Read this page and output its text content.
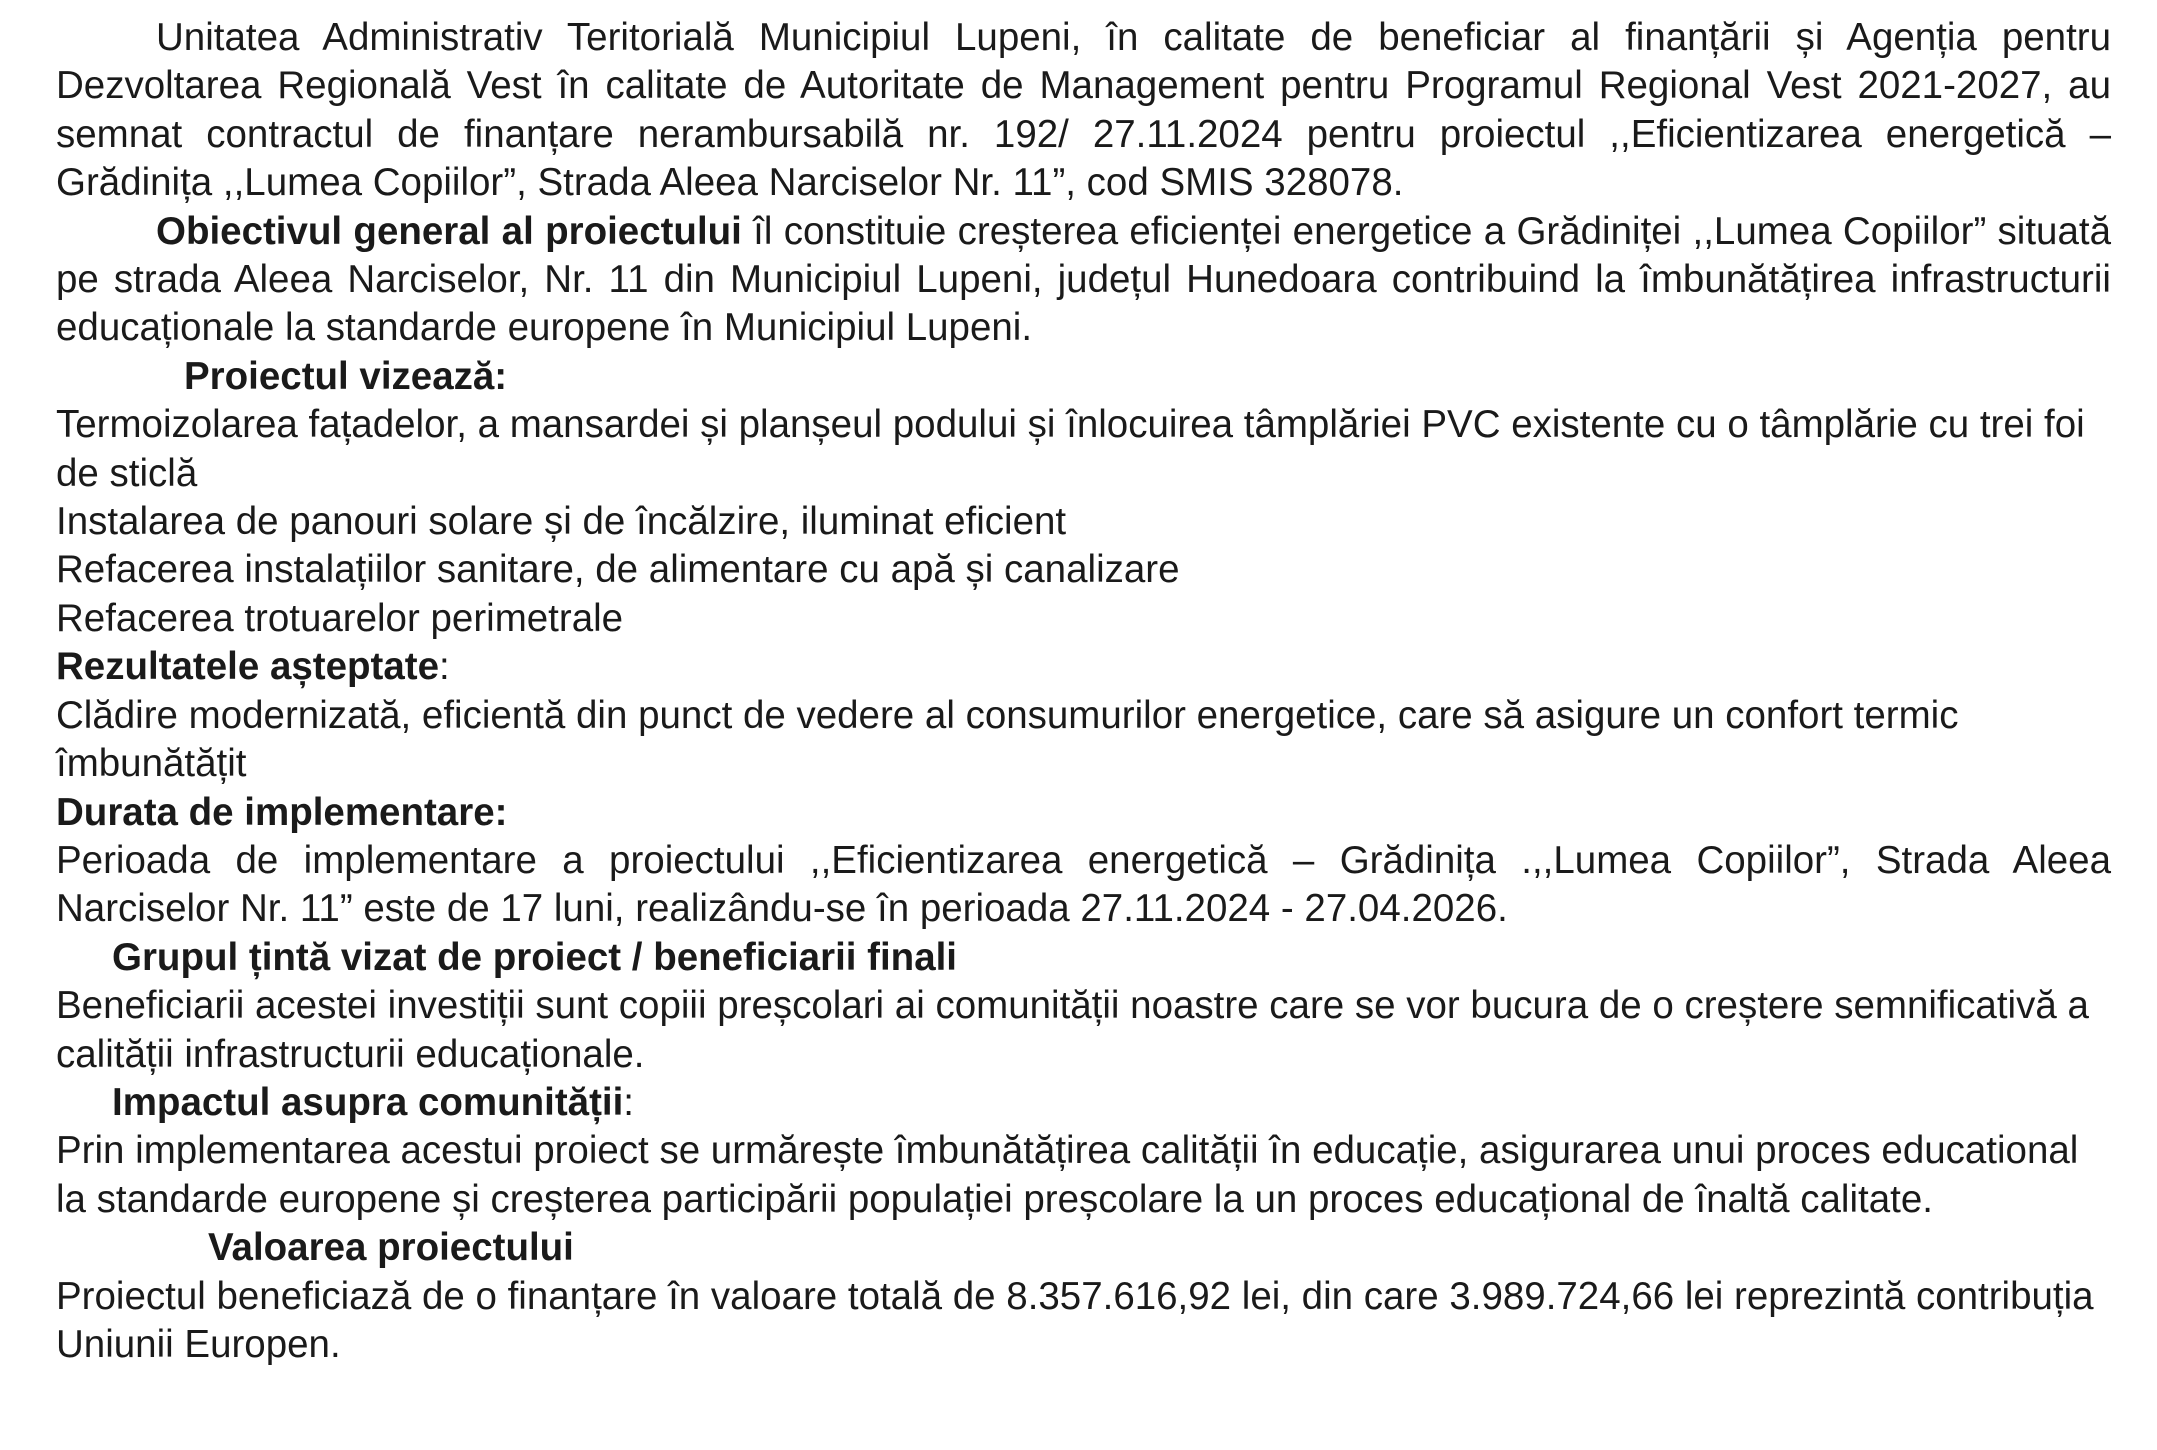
Unitatea Administrativ Teritorială Municipiul Lupeni, în calitate de beneficiar al finanțării și Agenția pentru Dezvoltarea Regională Vest în calitate de Autoritate de Management pentru Programul Regional Vest 2021-2027, au semnat contractul de finanțare nerambursabilă nr. 192/ 27.11.2024 pentru proiectul ,,Eficientizarea energetică – Grădinița ,,Lumea Copiilor”, Strada Aleea Narciselor Nr. 11”, cod SMIS 328078.

Obiectivul general al proiectului îl constituie creșterea eficienței energetice a Grădiniței ,,Lumea Copiilor” situată pe strada Aleea Narciselor, Nr. 11 din Municipiul Lupeni, județul Hunedoara contribuind la îmbunătățirea infrastructurii educaționale la standarde europene în Municipiul Lupeni.

Proiectul vizează:

Termoizolarea fațadelor, a mansardei și planșeul podului și înlocuirea tâmplăriei PVC existente cu o tâmplărie cu trei foi de sticlă

Instalarea de panouri solare și de încălzire, iluminat eficient

Refacerea instalațiilor sanitare, de alimentare cu apă și canalizare

Refacerea trotuarelor perimetrale

Rezultatele așteptate:

Clădire modernizată, eficientă din punct de vedere al consumurilor energetice, care să asigure un confort termic îmbunătățit

Durata de implementare:

Perioada de implementare a proiectului ,,Eficientizarea energetică – Grădinița .,,Lumea Copiilor”, Strada Aleea Narciselor Nr. 11” este de 17 luni, realizându-se în perioada 27.11.2024 - 27.04.2026.

Grupul țintă vizat de proiect / beneficiarii finali

Beneficiarii acestei investiții sunt copiii preșcolari ai comunității noastre care se vor bucura de o creștere semnificativă a calității infrastructurii educaționale.

Impactul asupra comunității:

Prin implementarea acestui proiect se urmărește îmbunătățirea calității în educație, asigurarea unui proces educational la standarde europene și creșterea participării populației preșcolare la un proces educațional de înaltă calitate.

Valoarea proiectului

Proiectul beneficiază de o finanțare în valoare totală de 8.357.616,92 lei, din care 3.989.724,66 lei reprezintă contribuția Uniunii Europen.
